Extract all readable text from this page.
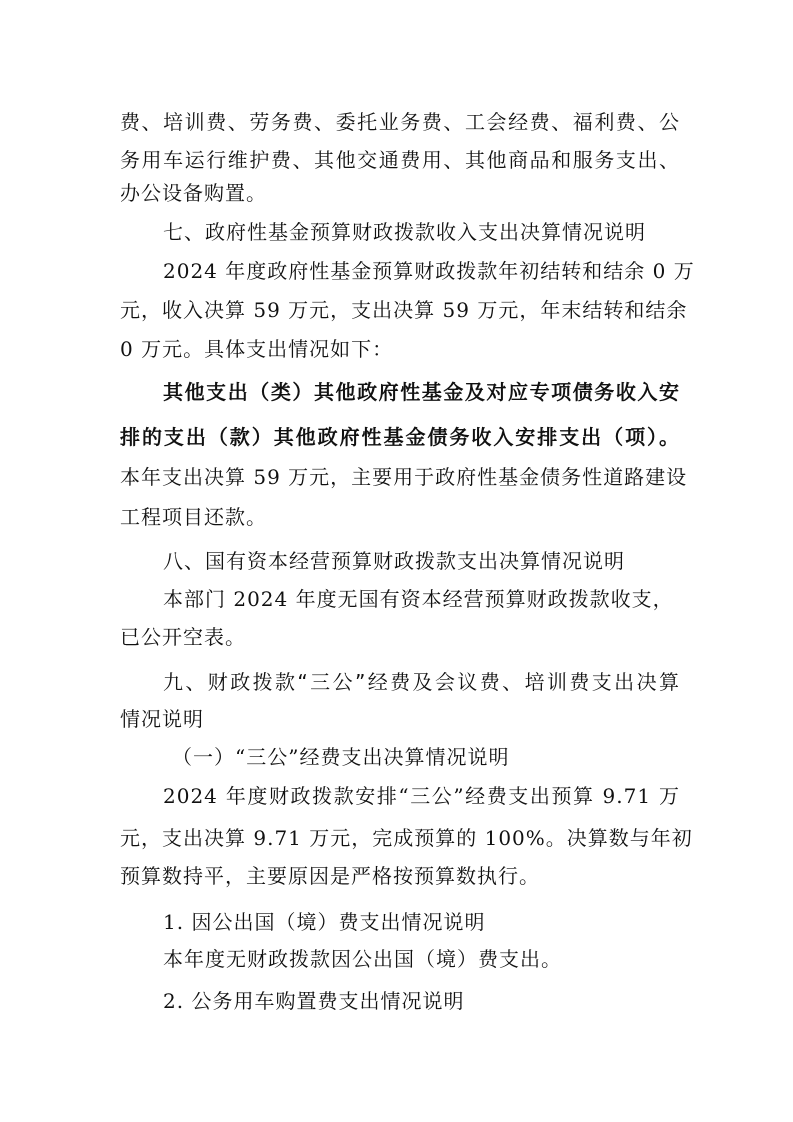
费、培训费、劳务费、委托业务费、工会经费、福利费、公
务用车运行维护费、其他交通费用、其他商品和服务支出、
办公设备购置。
七、政府性基金预算财政拨款收入支出决算情况说明
2024 年度政府性基金预算财政拨款年初结转和结余 0 万
元，收入决算 59 万元，支出决算 59 万元，年末结转和结余
0 万元。具体支出情况如下：
其他支出（类）其他政府性基金及对应专项债务收入安
排的支出（款）其他政府性基金债务收入安排支出（项）。
本年支出决算 59 万元，主要用于政府性基金债务性道路建设
工程项目还款。
八、国有资本经营预算财政拨款支出决算情况说明
本部门 2024 年度无国有资本经营预算财政拨款收支，
已公开空表。
九、财政拨款“三公”经费及会议费、培训费支出决算
情况说明
（一）“三公”经费支出决算情况说明
2024 年度财政拨款安排“三公”经费支出预算 9.71 万
元，支出决算 9.71 万元，完成预算的 100%。决算数与年初
预算数持平，主要原因是严格按预算数执行。
1. 因公出国（境）费支出情况说明
本年度无财政拨款因公出国（境）费支出。
2. 公务用车购置费支出情况说明
